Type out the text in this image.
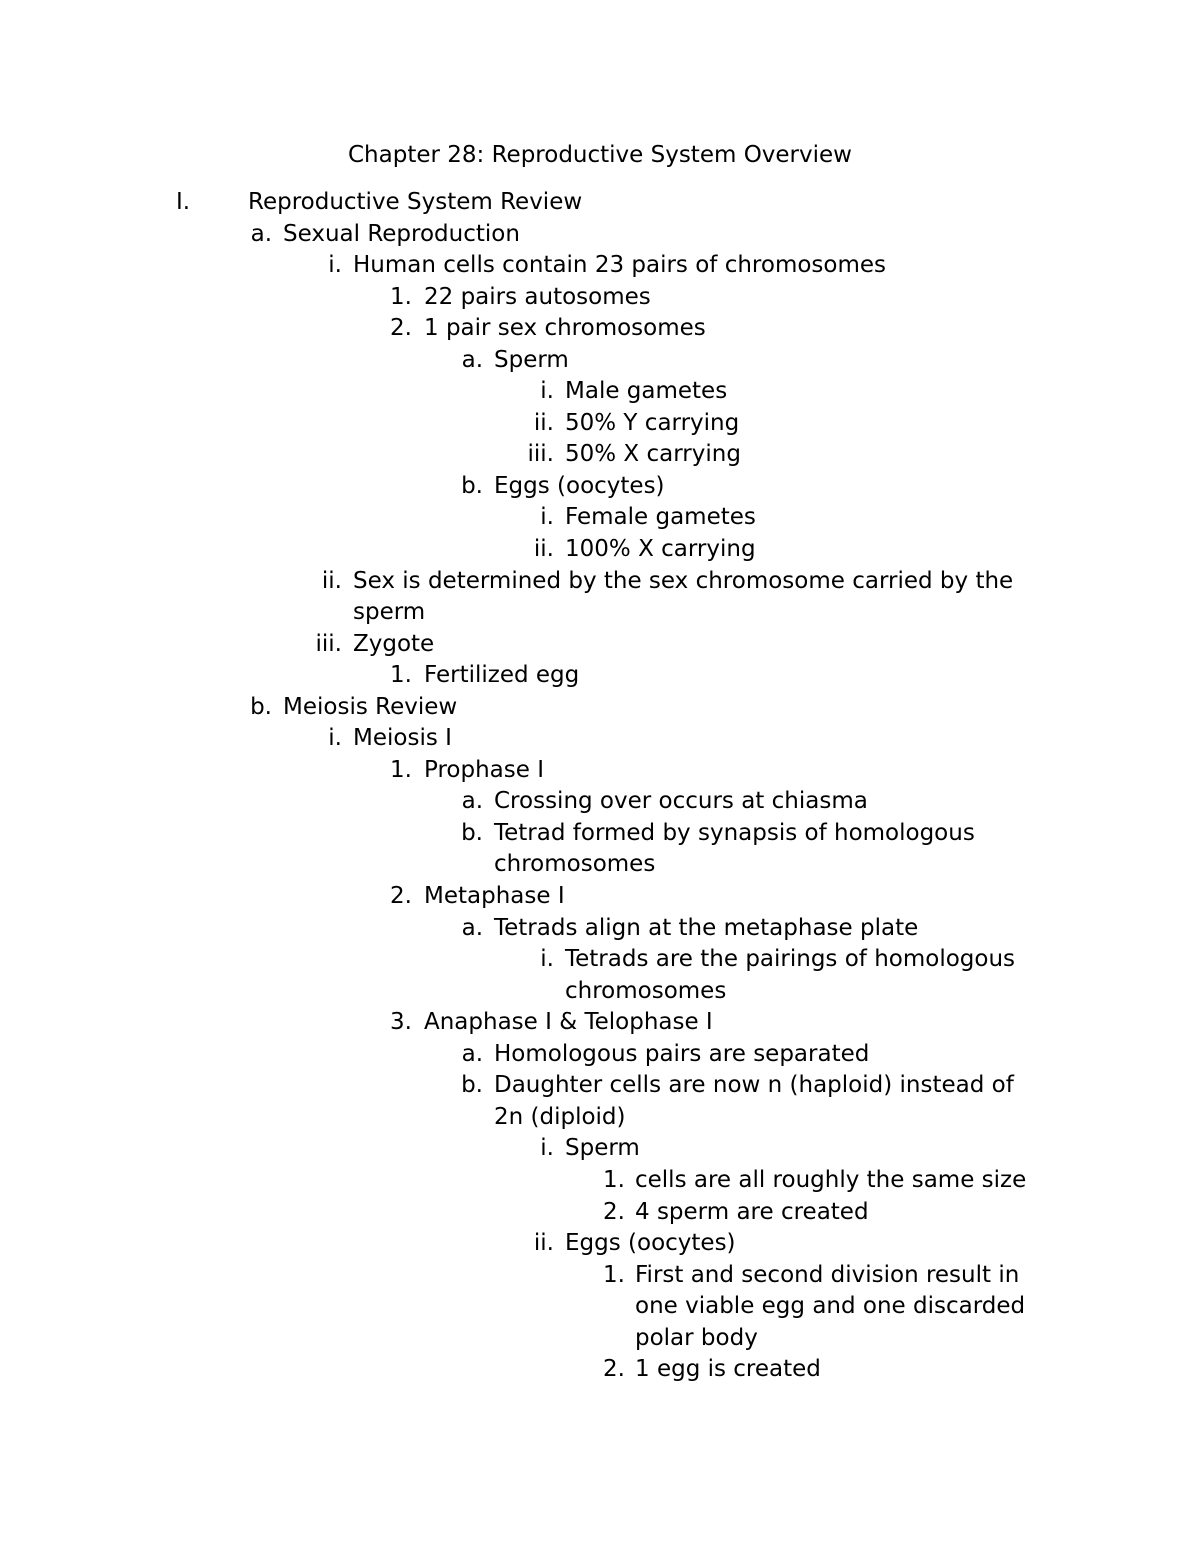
Chapter 28: Reproductive System Overview
I.	Reproductive System Review
a. Sexual Reproduction
i. Human cells contain 23 pairs of chromosomes
1. 22 pairs autosomes
2. 1 pair sex chromosomes
a. Sperm
i. Male gametes
ii. 50% Y carrying
iii. 50% X carrying
b. Eggs (oocytes)
i. Female gametes
ii. 100% X carrying
ii. Sex is determined by the sex chromosome carried by the
sperm
iii. Zygote
1. Fertilized egg
b. Meiosis Review
i. Meiosis I
1. Prophase I
a. Crossing over occurs at chiasma
b. Tetrad formed by synapsis of homologous
chromosomes
2. Metaphase I
a. Tetrads align at the metaphase plate
i. Tetrads are the pairings of homologous
chromosomes
3. Anaphase I & Telophase I
a. Homologous pairs are separated
b. Daughter cells are now n (haploid) instead of
2n (diploid)
i. Sperm
1. cells are all roughly the same size
2. 4 sperm are created
ii. Eggs (oocytes)
1. First and second division result in
one viable egg and one discarded
polar body
2. 1 egg is created
